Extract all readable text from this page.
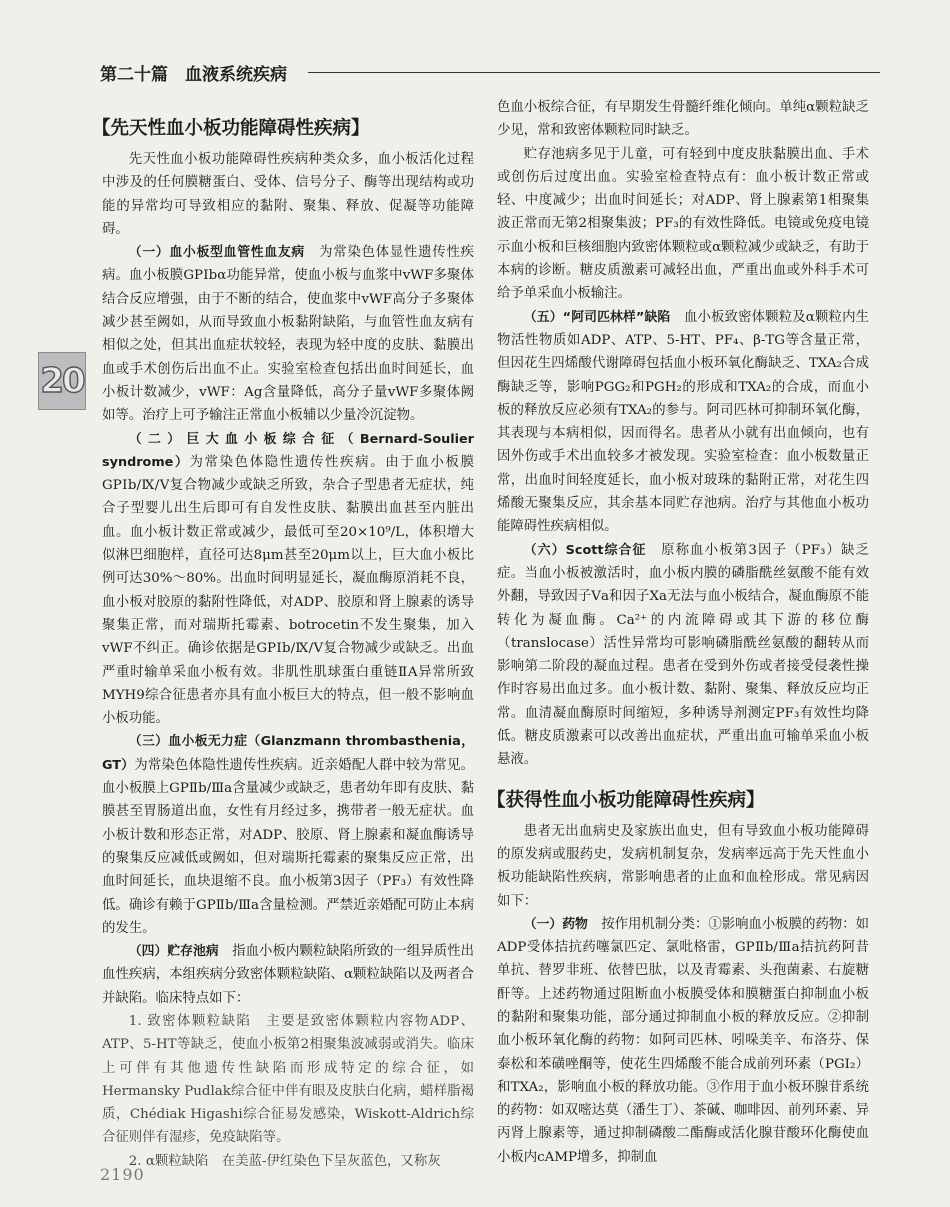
第二十篇　 血液系统疾病
20
【先天性血小板功能障碍性疾病】

先天性血小板功能障碍性疾病种类众多，血小板活化过程中涉及的任何膜糖蛋白、受体、信号分子、酶等出现结构或功能的异常均可导致相应的黏附、聚集、释放、促凝等功能障碍。

（一）血小板型血管性血友病　 为常染色体显性遗传性疾病。血小板膜GPⅠbα功能异常，使血小板与血浆中vWF多聚体结合反应增强，由于不断的结合，使血浆中vWF高分子多聚体减少甚至阙如，从而导致血小板黏附缺陷，与血管性血友病有相似之处，但其出血症状较轻，表现为轻中度的皮肤、黏膜出血或手术创伤后出血不止。实验室检查包括出血时间延长，血小板计数减少，vWF：Ag含量降低，高分子量vWF多聚体阙如等。治疗上可予输注正常血小板辅以少量冷沉淀物。

（二）巨大血小板综合征（Bernard-Soulier syndrome）为常染色体隐性遗传性疾病。由于血小板膜GPⅠb/Ⅸ/Ⅴ复合物减少或缺乏所致，杂合子型患者无症状，纯合子型婴儿出生后即可有自发性皮肤、黏膜出血甚至内脏出血。血小板计数正常或减少，最低可至20×10⁹/L，体积增大似淋巴细胞样，直径可达8μm甚至20μm以上，巨大血小板比例可达30%～80%。出血时间明显延长，凝血酶原消耗不良，血小板对胶原的黏附性降低，对ADP、胶原和肾上腺素的诱导聚集正常，而对瑞斯托霉素、botrocetin不发生聚集，加入vWF不纠正。确诊依据是GPⅠb/Ⅸ/Ⅴ复合物减少或缺乏。出血严重时输单采血小板有效。非肌性肌球蛋白重链ⅡA异常所致MYH9综合征患者亦具有血小板巨大的特点，但一般不影响血小板功能。

（三）血小板无力症（Glanzmann thrombasthenia，GT）为常染色体隐性遗传性疾病。近亲婚配人群中较为常见。血小板膜上GPⅡb/Ⅲa含量减少或缺乏，患者幼年即有皮肤、黏膜甚至胃肠道出血，女性有月经过多，携带者一般无症状。血小板计数和形态正常，对ADP、胶原、肾上腺素和凝血酶诱导的聚集反应减低或阙如，但对瑞斯托霉素的聚集反应正常，出血时间延长，血块退缩不良。血小板第3因子（PF₃）有效性降低。确诊有赖于GPⅡb/Ⅲa含量检测。严禁近亲婚配可防止本病的发生。

（四）贮存池病　 指血小板内颗粒缺陷所致的一组异质性出血性疾病，本组疾病分致密体颗粒缺陷、α颗粒缺陷以及两者合并缺陷。临床特点如下：

1. 致密体颗粒缺陷　 主要是致密体颗粒内容物ADP、ATP、5-HT等缺乏，使血小板第2相聚集波减弱或消失。临床上可伴有其他遗传性缺陷而形成特定的综合征，如Hermansky Pudlak综合征中伴有眼及皮肤白化病，蜡样脂褐质，Chédiak Higashi综合征易发感染，Wiskott-Aldrich综合征则伴有湿疹，免疫缺陷等。

2. α颗粒缺陷　 在美蓝-伊红染色下呈灰蓝色，又称灰

色血小板综合征，有早期发生骨髓纤维化倾向。单纯α颗粒缺乏少见，常和致密体颗粒同时缺乏。

贮存池病多见于儿童，可有轻到中度皮肤黏膜出血、手术或创伤后过度出血。实验室检查特点有：血小板计数正常或轻、中度减少；出血时间延长；对ADP、肾上腺素第1相聚集波正常而无第2相聚集波；PF₃的有效性降低。电镜或免疫电镜示血小板和巨核细胞内致密体颗粒或α颗粒减少或缺乏，有助于本病的诊断。糖皮质激素可减轻出血，严重出血或外科手术可给予单采血小板输注。

（五）“阿司匹林样”缺陷　 血小板致密体颗粒及α颗粒内生物活性物质如ADP、ATP、5-HT、PF₄、β-TG等含量正常，但因花生四烯酸代谢障碍包括血小板环氧化酶缺乏、TXA₂合成酶缺乏等，影响PGG₂和PGH₂的形成和TXA₂的合成，而血小板的释放反应必须有TXA₂的参与。阿司匹林可抑制环氧化酶，其表现与本病相似，因而得名。患者从小就有出血倾向，也有因外伤或手术出血较多才被发现。实验室检查：血小板数量正常，出血时间轻度延长，血小板对玻珠的黏附正常，对花生四烯酸无聚集反应，其余基本同贮存池病。治疗与其他血小板功能障碍性疾病相似。

（六）Scott综合征　 原称血小板第3因子（PF₃）缺乏症。当血小板被激活时，血小板内膜的磷脂酰丝氨酸不能有效外翻，导致因子Ⅴa和因子Ⅹa无法与血小板结合，凝血酶原不能转化为凝血酶。Ca²⁺的内流障碍或其下游的移位酶（translocase）活性异常均可影响磷脂酰丝氨酸的翻转从而影响第二阶段的凝血过程。患者在受到外伤或者接受侵袭性操作时容易出血过多。血小板计数、黏附、聚集、释放反应均正常。血清凝血酶原时间缩短，多种诱导剂测定PF₃有效性均降低。糖皮质激素可以改善出血症状，严重出血可输单采血小板悬液。

【获得性血小板功能障碍性疾病】

患者无出血病史及家族出血史，但有导致血小板功能障碍的原发病或服药史，发病机制复杂，发病率远高于先天性血小板功能缺陷性疾病，常影响患者的止血和血栓形成。常见病因如下：

（一）药物　 按作用机制分类：①影响血小板膜的药物：如ADP受体拮抗药噻氯匹定、氯吡格雷，GPⅡb/Ⅲa拮抗药阿昔单抗、替罗非班、依替巴肽，以及青霉素、头孢菌素、右旋糖酐等。上述药物通过阻断血小板膜受体和膜糖蛋白抑制血小板的黏附和聚集功能，部分通过抑制血小板的释放反应。②抑制血小板环氧化酶的药物：如阿司匹林、吲哚美辛、布洛芬、保泰松和苯磺唑酮等，使花生四烯酸不能合成前列环素（PGI₂）和TXA₂，影响血小板的释放功能。③作用于血小板环腺苷系统的药物：如双嘧达莫（潘生丁）、茶碱、咖啡因、前列环素、异丙肾上腺素等，通过抑制磷酸二酯酶或活化腺苷酸环化酶使血小板内cAMP增多，抑制血

2190
